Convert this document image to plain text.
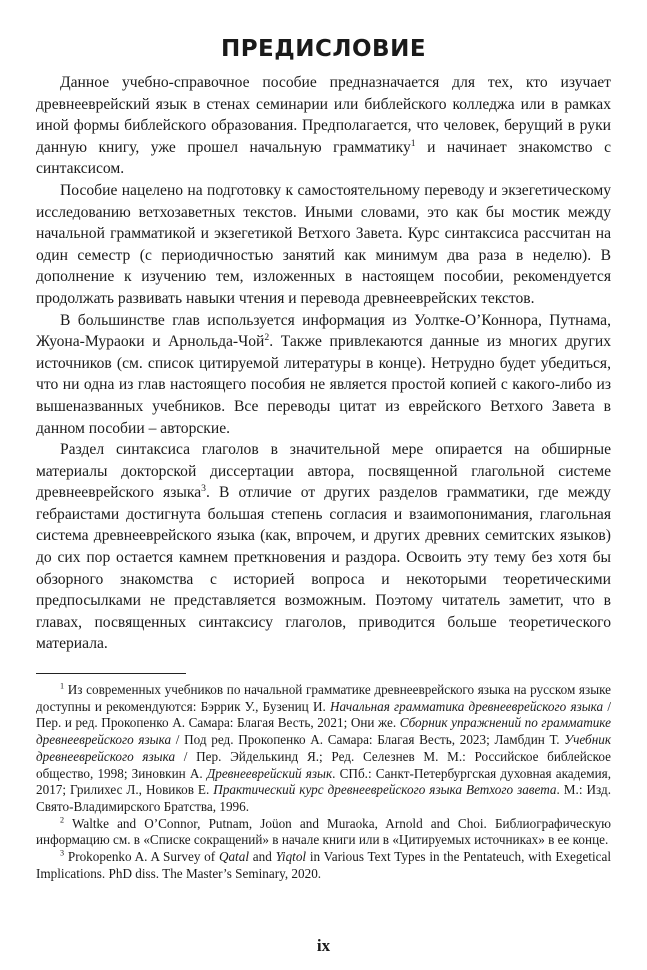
ПРЕДИСЛОВИЕ

Данное учебно-справочное пособие предназначается для тех, кто изучает древнееврейский язык в стенах семинарии или библейского колледжа или в рамках иной формы библейского образования. Предполагается, что человек, берущий в руки данную книгу, уже прошел начальную грамматику$^1$ и начинает знакомство с синтаксисом.

Пособие нацелено на подготовку к самостоятельному переводу и экзегетическому исследованию ветхозаветных текстов. Иными словами, это как бы мостик между начальной грамматикой и экзегетикой Ветхого Завета. Курс синтаксиса рассчитан на один семестр (с периодичностью занятий как минимум два раза в неделю). В дополнение к изучению тем, изложенных в настоящем пособии, рекомендуется продолжать развивать навыки чтения и перевода древнееврейских текстов.

В большинстве глав используется информация из Уолтке-О’Коннора, Путнама, Жуона-Мураоки и Арнольда-Чой$^2$. Также привлекаются данные из многих других источников (см. список цитируемой литературы в конце). Нетрудно будет убедиться, что ни одна из глав настоящего пособия не является простой копией с какого-либо из вышеназванных учебников. Все переводы цитат из еврейского Ветхого Завета в данном пособии – авторские.

Раздел синтаксиса глаголов в значительной мере опирается на обширные материалы докторской диссертации автора, посвященной глагольной системе древнееврейского языка$^3$. В отличие от других разделов грамматики, где между гебраистами достигнута большая степень согласия и взаимопонимания, глагольная система древнееврейского языка (как, впрочем, и других древних семитских языков) до сих пор остается камнем преткновения и раздора. Освоить эту тему без хотя бы обзорного знакомства с историей вопроса и некоторыми теоретическими предпосылками не представляется возможным. Поэтому читатель заметит, что в главах, посвященных синтаксису глаголов, приводится больше теоретического материала.

$^1$ Из современных учебников по начальной грамматике древнееврейского языка на русском языке доступны и рекомендуются: Бэррик У., Бузениц И. Начальная грамматика древнееврейского языка / Пер. и ред. Прокопенко А. Самара: Благая Весть, 2021; Они же. Сборник упражнений по грамматике древнееврейского языка / Под ред. Прокопенко А. Самара: Благая Весть, 2023; Ламбдин Т. Учебник древнееврейского языка / Пер. Эйделькинд Я.; Ред. Селезнев М. М.: Российское библейское общество, 1998; Зиновкин А. Древнееврейский язык. СПб.: Санкт-Петербургская духовная академия, 2017; Грилихес Л., Новиков Е. Практический курс древнееврейского языка Ветхого завета. М.: Изд. Свято-Владимирского Братства, 1996.

$^2$ Waltke and O’Connor, Putnam, Joüon and Muraoka, Arnold and Choi. Библиографическую информацию см. в «Списке сокращений» в начале книги или в «Цитируемых источниках» в ее конце.

$^3$ Prokopenko A. A Survey of Qatal and Yiqtol in Various Text Types in the Pentateuch, with Exegetical Implications. PhD diss. The Master’s Seminary, 2020.

ix
